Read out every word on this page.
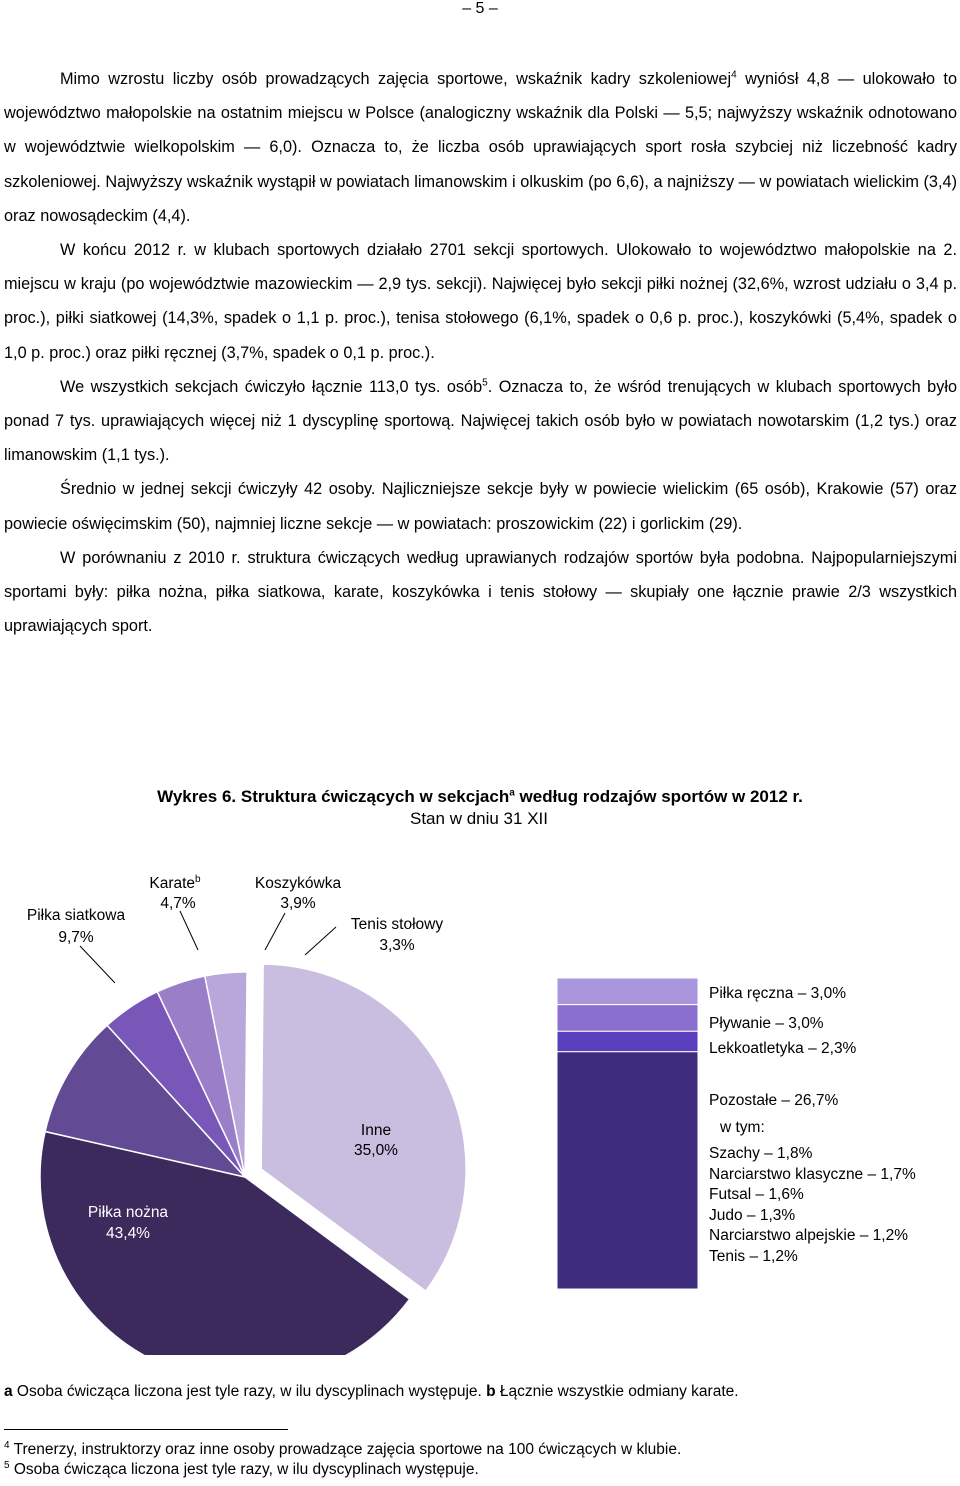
– 5 –

Mimo wzrostu liczby osób prowadzących zajęcia sportowe, wskaźnik kadry szkoleniowej$^4$ wyniósł 4,8 — ulokowało to województwo małopolskie na ostatnim miejscu w Polsce (analogiczny wskaźnik dla Polski — 5,5; najwyższy wskaźnik odnotowano w województwie wielkopolskim — 6,0). Oznacza to, że liczba osób uprawiających sport rosła szybciej niż liczebność kadry szkoleniowej. Najwyższy wskaźnik wystąpił w powiatach limanowskim i olkuskim (po 6,6), a najniższy — w powiatach wielickim (3,4) oraz nowosądeckim (4,4).

W końcu 2012 r. w klubach sportowych działało 2701 sekcji sportowych. Ulokowało to województwo małopolskie na 2. miejscu w kraju (po województwie mazowieckim — 2,9 tys. sekcji). Najwięcej było sekcji piłki nożnej (32,6%, wzrost udziału o 3,4 p. proc.), piłki siatkowej (14,3%, spadek o 1,1 p. proc.), tenisa stołowego (6,1%, spadek o 0,6 p. proc.), koszykówki (5,4%, spadek o 1,0 p. proc.) oraz piłki ręcznej (3,7%, spadek o 0,1 p. proc.).

We wszystkich sekcjach ćwiczyło łącznie 113,0 tys. osób$^5$. Oznacza to, że wśród trenujących w klubach sportowych było ponad 7 tys. uprawiających więcej niż 1 dyscyplinę sportową. Najwięcej takich osób było w powiatach nowotarskim (1,2 tys.) oraz limanowskim (1,1 tys.).

Średnio w jednej sekcji ćwiczyły 42 osoby. Najliczniejsze sekcje były w powiecie wielickim (65 osób), Krakowie (57) oraz powiecie oświęcimskim (50), najmniej liczne sekcje — w powiatach: proszowickim (22) i gorlickim (29).

W porównaniu z 2010 r. struktura ćwiczących według uprawianych rodzajów sportów była podobna. Najpopularniejszymi sportami były: piłka nożna, piłka siatkowa, karate, koszykówka i tenis stołowy — skupiały one łącznie prawie 2/3 wszystkich uprawiających sport.

Wykres 6. Struktura ćwiczących w sekcjach$^a$ według rodzajów sportów w 2012 r.
Stan w dniu 31 XII
Piłka siatkowa
9,7%
Karate$^b$
4,7%
Koszykówka
3,9%
Tenis stołowy
3,3%
Inne
35,0%
Piłka nożna
43,4%
Piłka ręczna – 3,0%
Pływanie – 3,0%
Lekkoatletyka – 2,3%
Pozostałe – 26,7%
w tym:
Szachy – 1,8%
Narciarstwo klasyczne – 1,7%
Futsal – 1,6%
Judo – 1,3%
Narciarstwo alpejskie – 1,2%
Tenis – 1,2%
a Osoba ćwicząca liczona jest tyle razy, w ilu dyscyplinach występuje. b Łącznie wszystkie odmiany karate.
$^4$ Trenerzy, instruktorzy oraz inne osoby prowadzące zajęcia sportowe na 100 ćwiczących w klubie.
$^5$ Osoba ćwicząca liczona jest tyle razy, w ilu dyscyplinach występuje.
